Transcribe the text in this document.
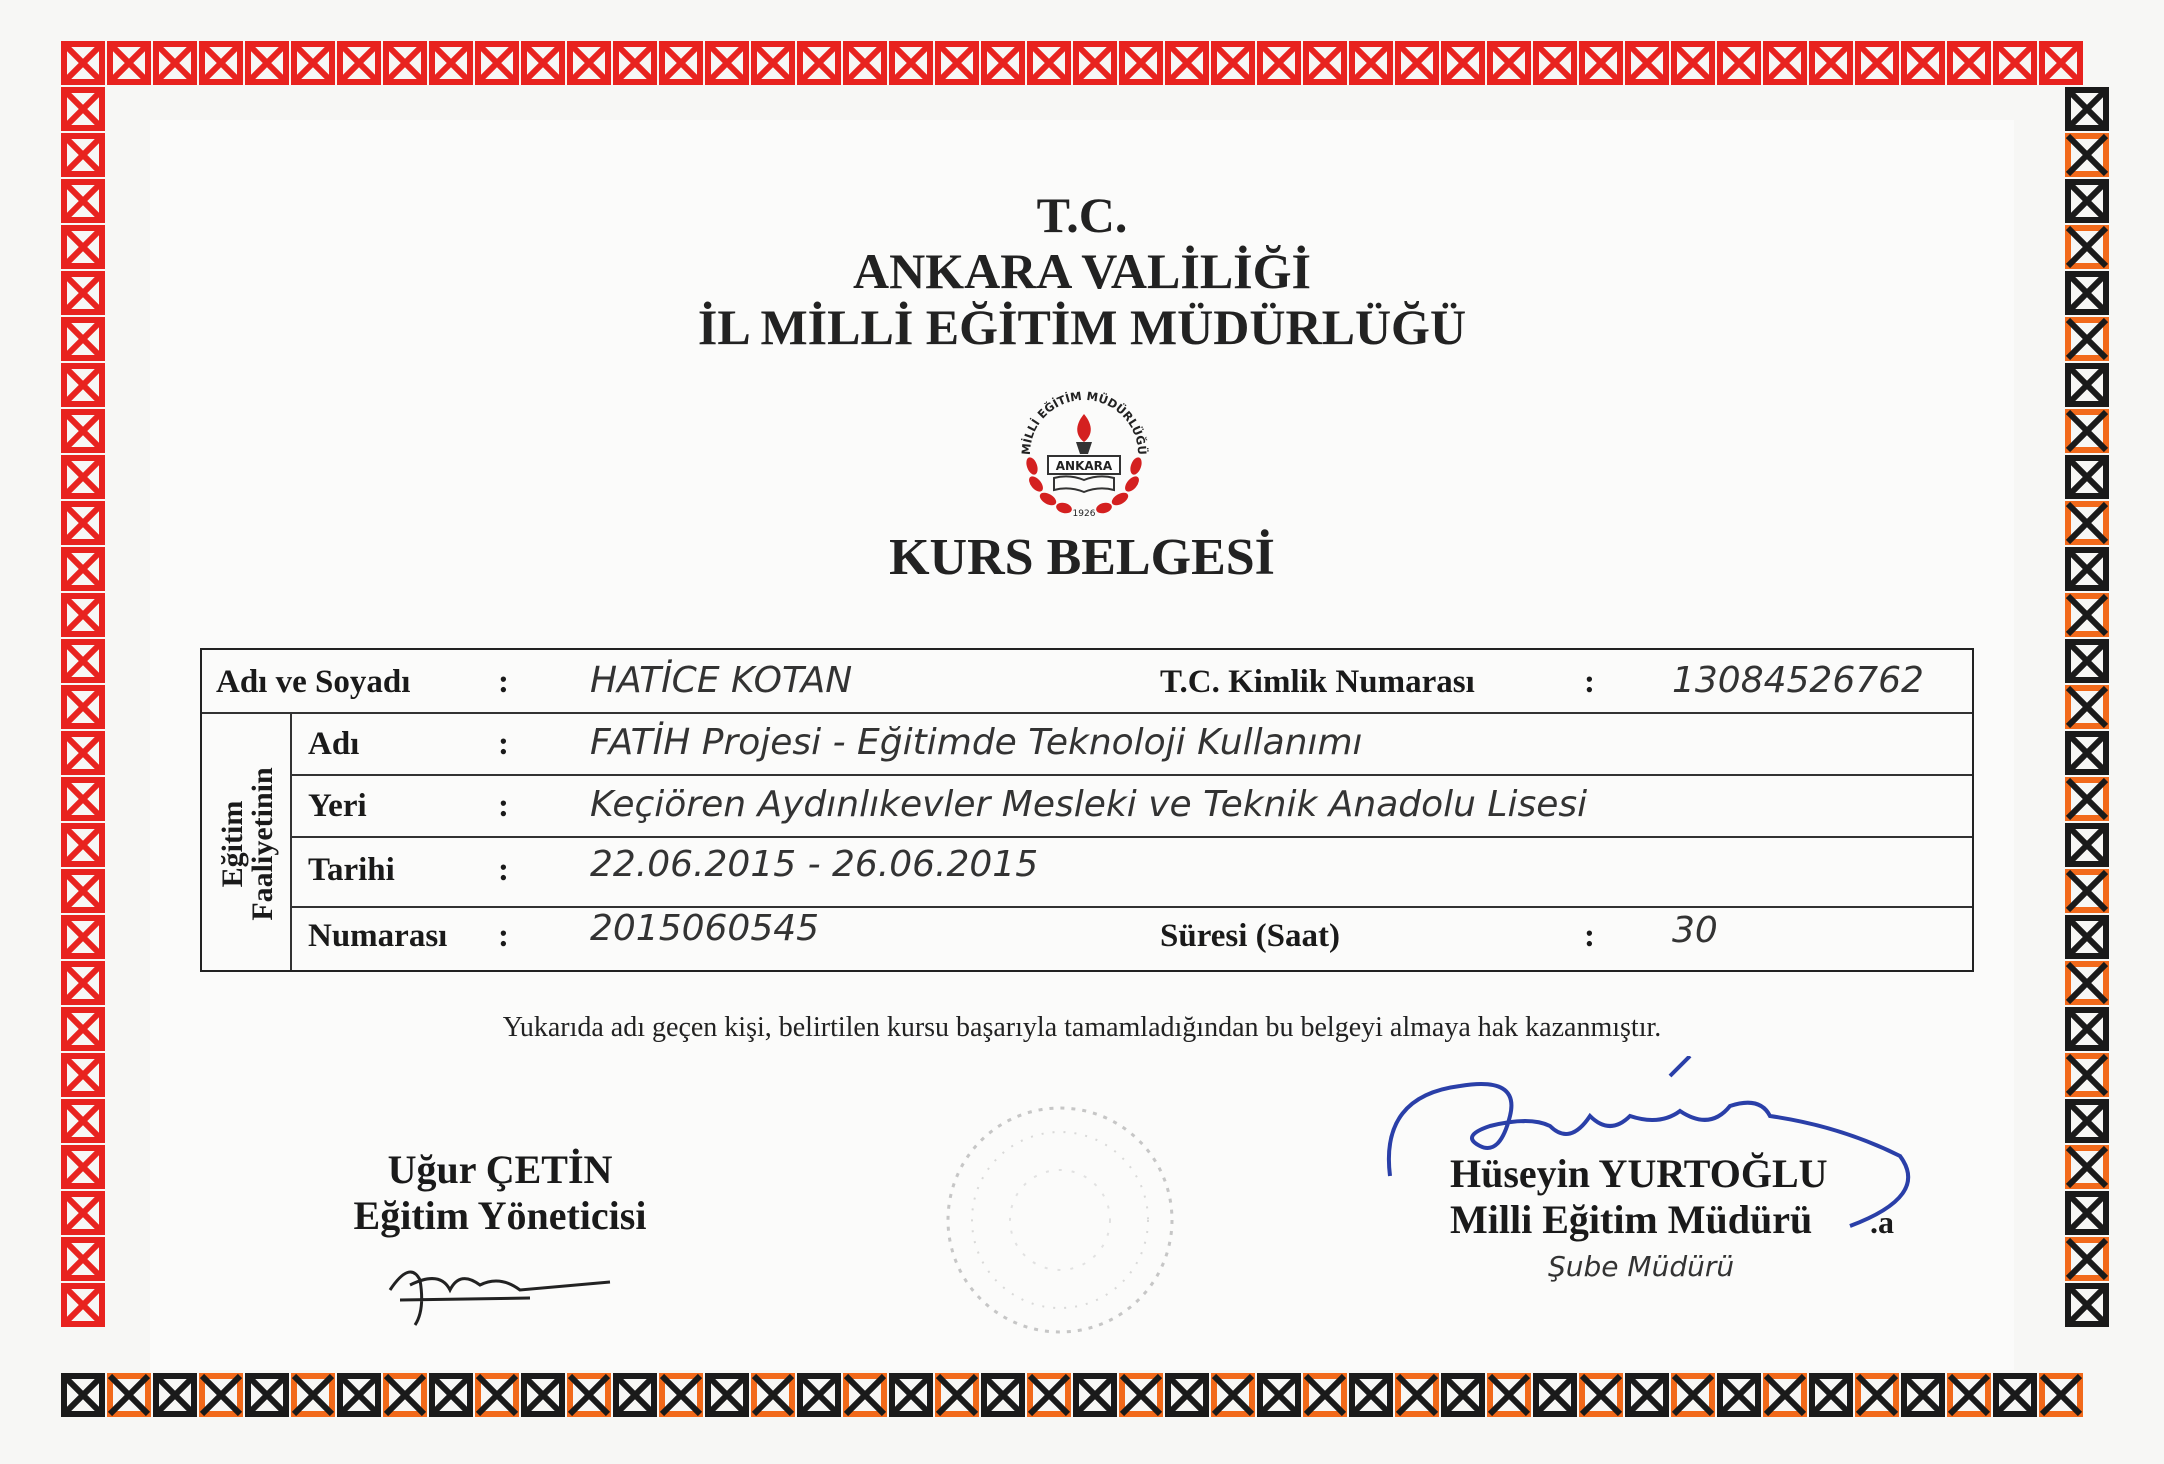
T.C.
ANKARA VALİLİĞİ
İL MİLLİ EĞİTİM MÜDÜRLÜĞÜ
MİLLİ EĞİTİM MÜDÜRLÜĞÜ
ANKARA
1926
KURS BELGESİ
Adı ve Soyadı	: HATİCE KOTAN	T.C. Kimlik Numarası	: 13084526762
Eğitim
Faaliyetinin
Adı	: FATİH Projesi - Eğitimde Teknoloji Kullanımı
Yeri	: Keçiören Aydınlıkevler Mesleki ve Teknik Anadolu Lisesi
Tarihi	: 22.06.2015 - 26.06.2015
Numarası : 2015060545	Süresi (Saat)	: 30
Yukarıda adı geçen kişi, belirtilen kursu başarıyla tamamladığından bu belgeyi almaya hak kazanmıştır.
Uğur ÇETİN
Eğitim Yöneticisi
Hüseyin YURTOĞLU
Milli Eğitim Müdürü .a
Şube Müdürü
